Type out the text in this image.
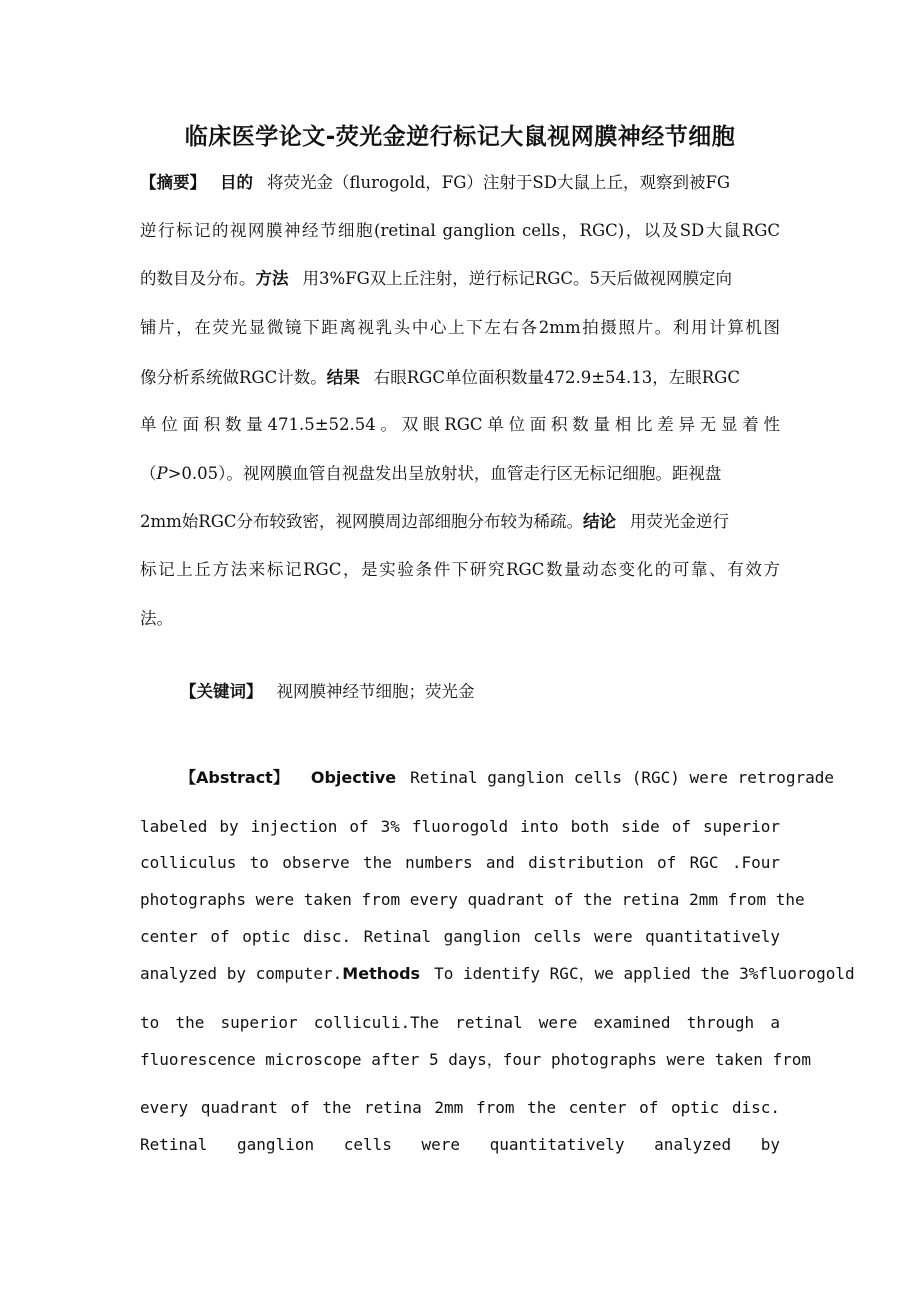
临床医学论文-荧光金逆行标记大鼠视网膜神经节细胞
【摘要】 目的 将荧光金（flurogold，FG）注射于SD大鼠上丘，观察到被FG
逆行标记的视网膜神经节细胞(retinal ganglion cells，RGC)，以及SD大鼠RGC
的数目及分布。方法 用3%FG双上丘注射，逆行标记RGC。5天后做视网膜定向
铺片，在荧光显微镜下距离视乳头中心上下左右各2mm拍摄照片。利用计算机图
像分析系统做RGC计数。结果 右眼RGC单位面积数量472.9±54.13，左眼RGC
单位面积数量471.5±52.54。双眼RGC单位面积数量相比差异无显着性
（P>0.05）。视网膜血管自视盘发出呈放射状，血管走行区无标记细胞。距视盘
2mm始RGC分布较致密，视网膜周边部细胞分布较为稀疏。结论 用荧光金逆行
标记上丘方法来标记RGC，是实验条件下研究RGC数量动态变化的可靠、有效方
法。
【关键词】 视网膜神经节细胞；荧光金
【Abstract】 Objective Retinal ganglion cells (RGC) were retrograde
labeled by injection of 3% fluorogold into both side of superior
colliculus to observe the numbers and distribution of RGC .Four
photographs were taken from every quadrant of the retina 2mm from the
center of optic disc. Retinal ganglion cells were quantitatively
analyzed by computer.Methods To identify RGC，we applied the 3%fluorogold
to the superior colliculi.The retinal were examined through a
fluorescence microscope after 5 days，four photographs were taken from
every quadrant of the retina 2mm from the center of optic disc.
Retinal ganglion cells were quantitatively analyzed by
